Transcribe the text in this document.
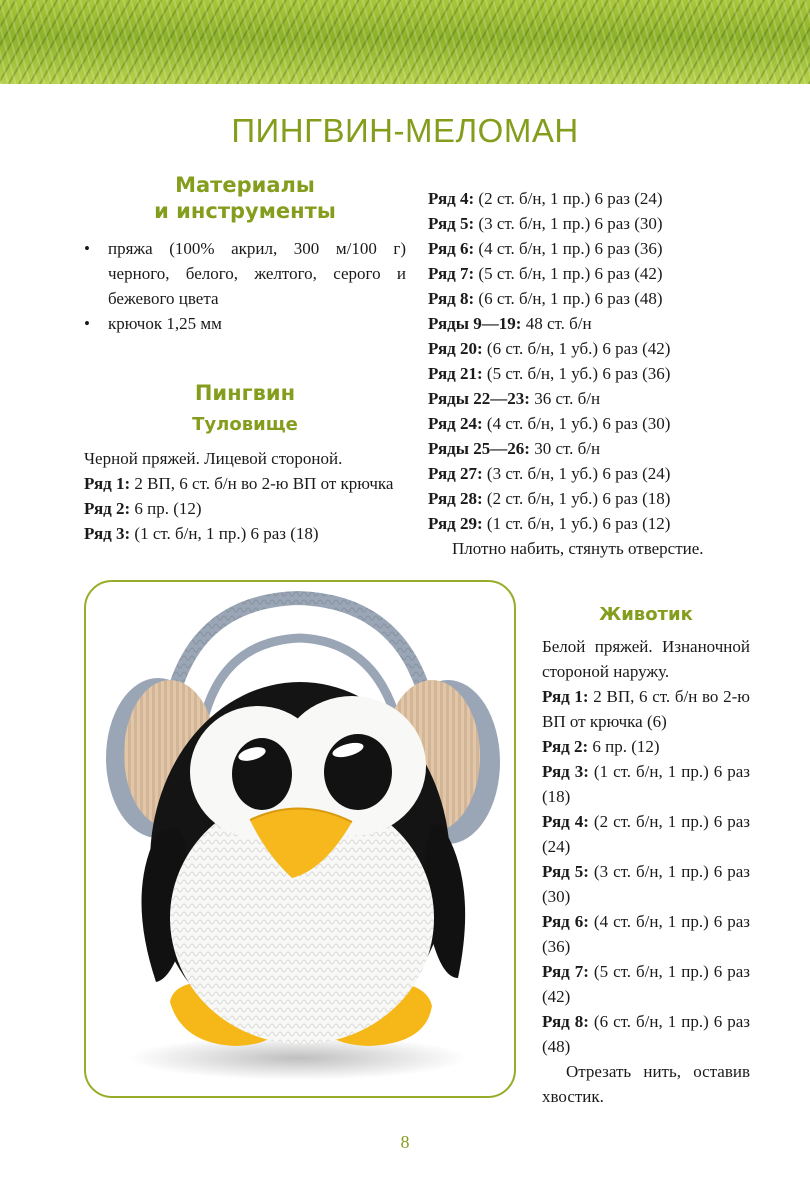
ПИНГВИН-МЕЛОМАН
Материалы
и инструменты
• пряжа (100% акрил, 300 м/100 г) черного, белого, желтого, серого и бежевого цвета
• крючок 1,25 мм
Пингвин
Туловище

Черной пряжей. Лицевой стороной.

Ряд 1: 2 ВП, 6 ст. б/н во 2-ю ВП от крючка

Ряд 2: 6 пр. (12)

Ряд 3: (1 ст. б/н, 1 пр.) 6 раз (18)

Ряд 4: (2 ст. б/н, 1 пр.) 6 раз (24)

Ряд 5: (3 ст. б/н, 1 пр.) 6 раз (30)

Ряд 6: (4 ст. б/н, 1 пр.) 6 раз (36)

Ряд 7: (5 ст. б/н, 1 пр.) 6 раз (42)

Ряд 8: (6 ст. б/н, 1 пр.) 6 раз (48)

Ряды 9—19: 48 ст. б/н

Ряд 20: (6 ст. б/н, 1 уб.) 6 раз (42)

Ряд 21: (5 ст. б/н, 1 уб.) 6 раз (36)

Ряды 22—23: 36 ст. б/н

Ряд 24: (4 ст. б/н, 1 уб.) 6 раз (30)

Ряды 25—26: 30 ст. б/н

Ряд 27: (3 ст. б/н, 1 уб.) 6 раз (24)

Ряд 28: (2 ст. б/н, 1 уб.) 6 раз (18)

Ряд 29: (1 ст. б/н, 1 уб.) 6 раз (12)

Плотно набить, стянуть отверстие.

Животик

Белой пряжей. Изнаночной стороной наружу.

Ряд 1: 2 ВП, 6 ст. б/н во 2-ю ВП от крючка (6)

Ряд 2: 6 пр. (12)

Ряд 3: (1 ст. б/н, 1 пр.) 6 раз (18)

Ряд 4: (2 ст. б/н, 1 пр.) 6 раз (24)

Ряд 5: (3 ст. б/н, 1 пр.) 6 раз (30)

Ряд 6: (4 ст. б/н, 1 пр.) 6 раз (36)

Ряд 7: (5 ст. б/н, 1 пр.) 6 раз (42)

Ряд 8: (6 ст. б/н, 1 пр.) 6 раз (48)

Отрезать нить, оставив хвостик.

8
